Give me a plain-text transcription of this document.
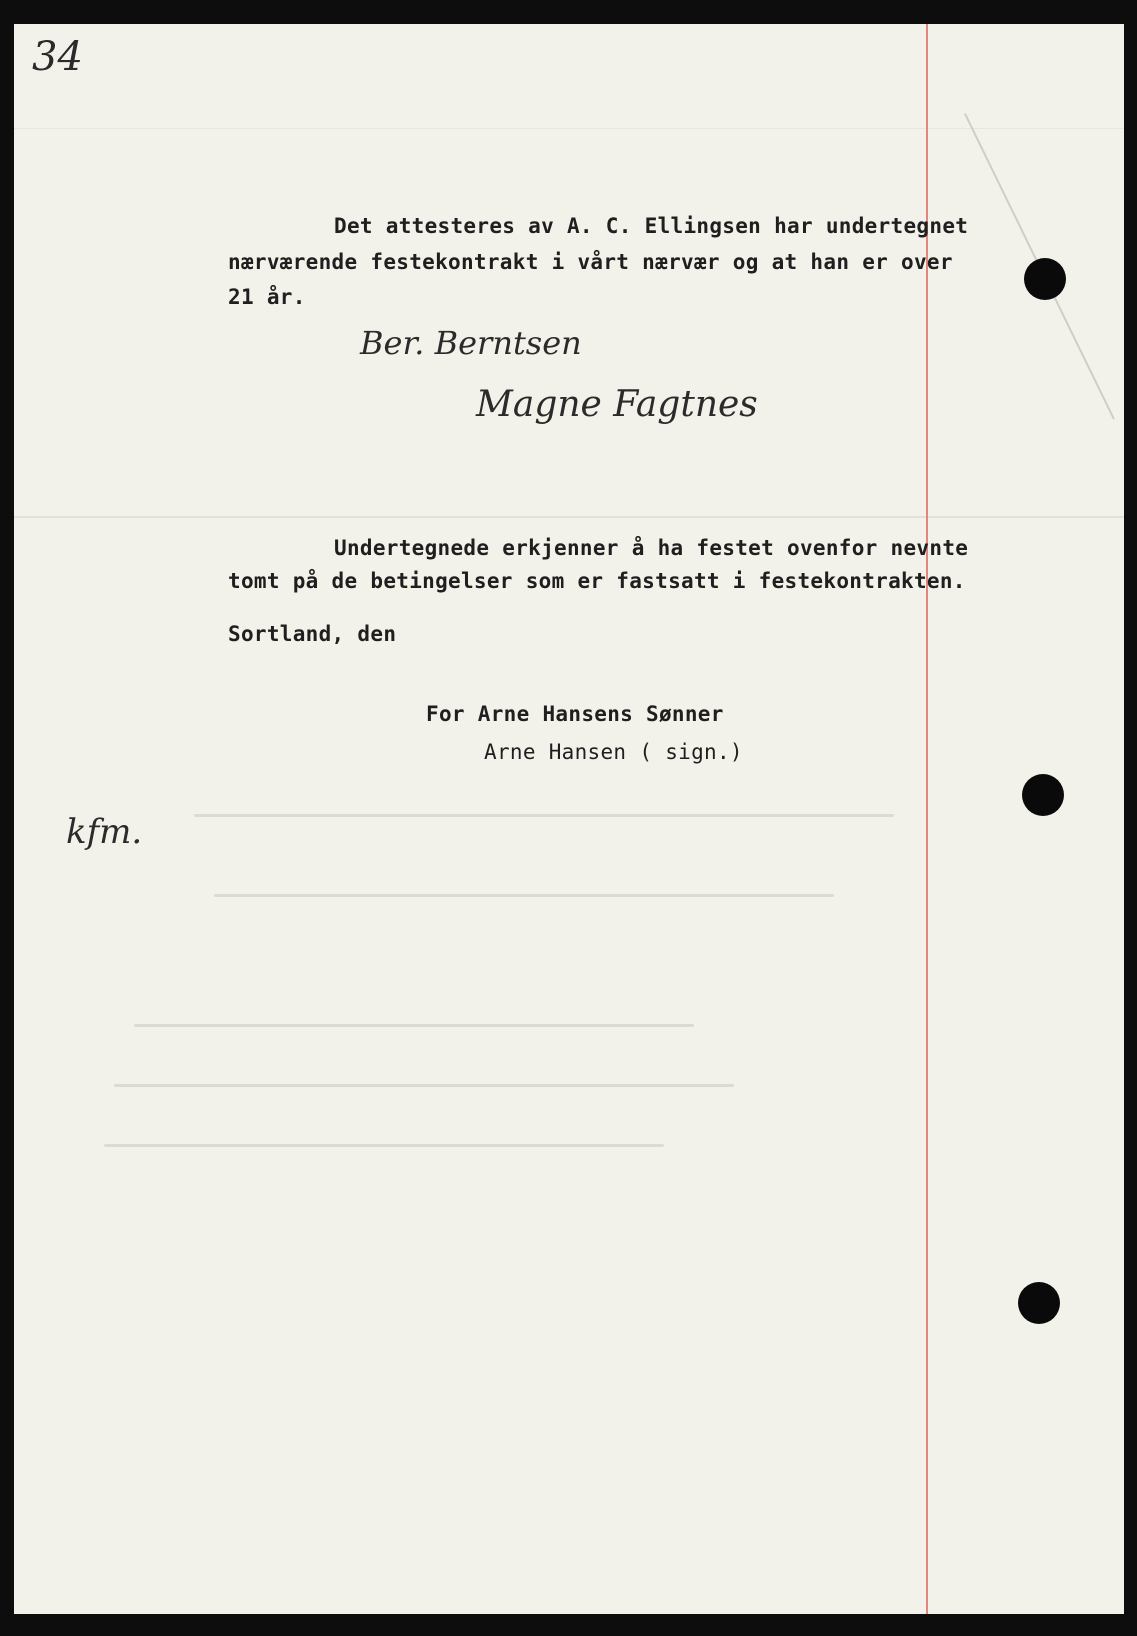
34
Det attesteres av A. C. Ellingsen har undertegnet
nærværende festekontrakt i vårt nærvær og at han er over
21 år.
Ber. Berntsen
Magne Fagtnes
Undertegnede erkjenner å ha festet ovenfor nevnte
tomt på de betingelser som er fastsatt i festekontrakten.
Sortland, den
For Arne Hansens Sønner
Arne Hansen ( sign.)
kfm.
